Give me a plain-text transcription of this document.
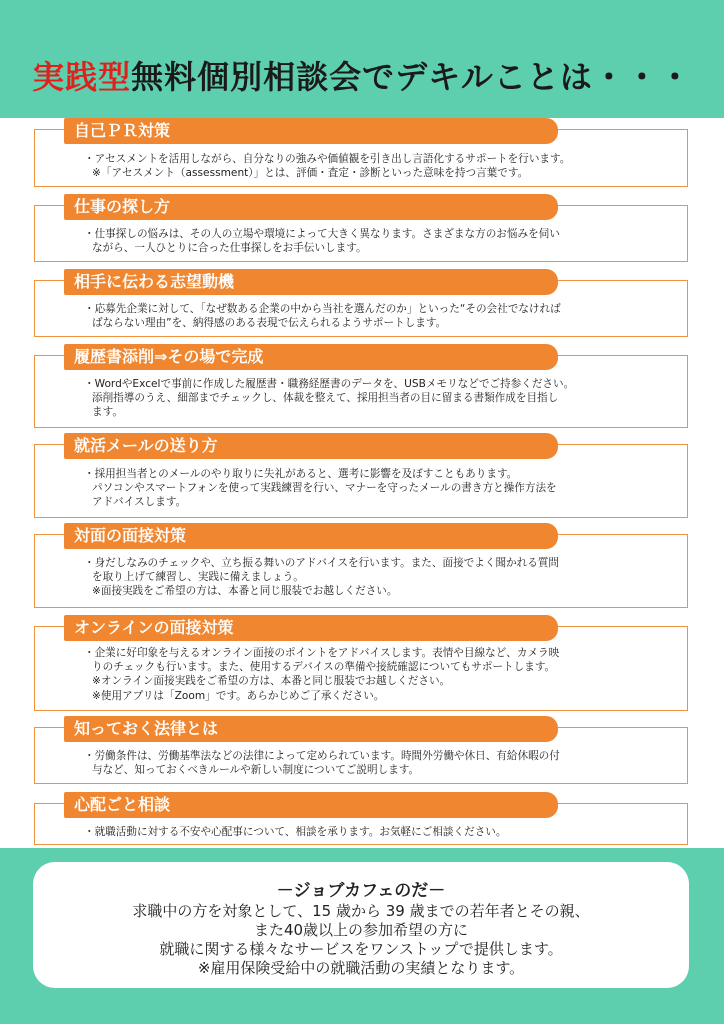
実践型無料個別相談会でデキルことは・・・
自己ＰＲ対策
・アセスメントを活用しながら、自分なりの強みや価値観を引き出し言語化するサポートを行います。
※「アセスメント（assessment）」とは、評価・査定・診断といった意味を持つ言葉です。
仕事の探し方
・仕事探しの悩みは、その人の立場や環境によって大きく異なります。さまざまな方のお悩みを伺い
ながら、一人ひとりに合った仕事探しをお手伝いします。
相手に伝わる志望動機
・応募先企業に対して、「なぜ数ある企業の中から当社を選んだのか」といった“その会社でなければ
ばならない理由”を、納得感のある表現で伝えられるようサポートします。
履歴書添削⇒その場で完成
・WordやExcelで事前に作成した履歴書・職務経歴書のデータを、USBメモリなどでご持参ください。
添削指導のうえ、細部までチェックし、体裁を整えて、採用担当者の目に留まる書類作成を目指し
ます。
就活メールの送り方
・採用担当者とのメールのやり取りに失礼があると、選考に影響を及ぼすこともあります。
パソコンやスマートフォンを使って実践練習を行い、マナーを守ったメールの書き方と操作方法を
アドバイスします。
対面の面接対策
・身だしなみのチェックや、立ち振る舞いのアドバイスを行います。また、面接でよく聞かれる質問
を取り上げて練習し、実践に備えましょう。
※面接実践をご希望の方は、本番と同じ服装でお越しください。
オンラインの面接対策
・企業に好印象を与えるオンライン面接のポイントをアドバイスします。表情や目線など、カメラ映
りのチェックも行います。また、使用するデバイスの準備や接続確認についてもサポートします。
※オンライン面接実践をご希望の方は、本番と同じ服装でお越しください。
※使用アプリは「Zoom」です。あらかじめご了承ください。
知っておく法律とは
・労働条件は、労働基準法などの法律によって定められています。時間外労働や休日、有給休暇の付
与など、知っておくべきルールや新しい制度についてご説明します。
心配ごと相談
・就職活動に対する不安や心配事について、相談を承ります。お気軽にご相談ください。
－ジョブカフェのだ－
求職中の方を対象として、15 歳から 39 歳までの若年者とその親、
また40歳以上の参加希望の方に
就職に関する様々なサービスをワンストップで提供します。
※雇用保険受給中の就職活動の実績となります。
